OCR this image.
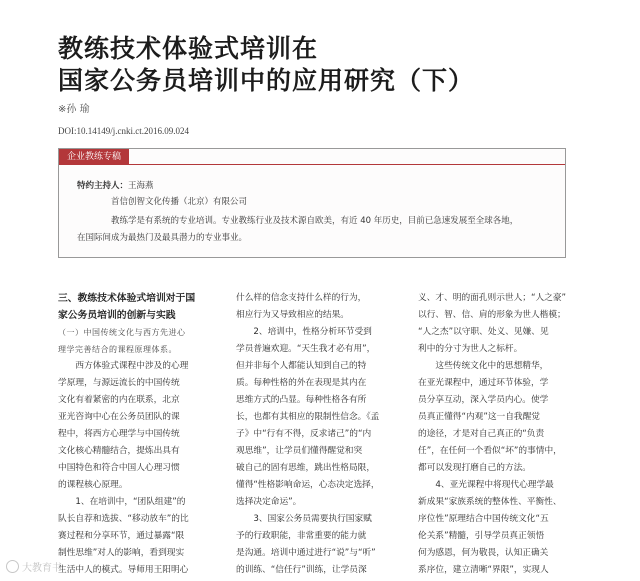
教练技术体验式培训在
国家公务员培训中的应用研究（下）
※孙 瑜
DOI:10.14149/j.cnki.ct.2016.09.024
企业教练专稿

特约主持人：王海燕

首信创智文化传播（北京）有限公司

教练学是有系统的专业培训。专业教练行业及技术源自欧美，有近 40 年历史，目前已急速发展至全球各地，

在国际间成为最热门及最具潜力的专业事业。

三、教练技术体验式培训对于国

家公务员培训的创新与实践

（一）中国传统文化与西方先进心

理学完善结合的课程原理体系。

　　西方体验式课程中涉及的心理

学原理，与源远流长的中国传统

文化有着紧密的内在联系，北京

亚光咨询中心在公务员团队的课

程中，将西方心理学与中国传统

文化核心精髓结合，提炼出具有

中国特色和符合中国人心理习惯

的课程核心原理。

　　1、在培训中，“团队组建”的

队长自荐和选拔、“移动放车”的比

赛过程和分享环节，通过暴露“限

制性思维”对人的影响，看到现实

生活中人的模式。导师用王阳明心

什么样的信念支持什么样的行为，

相应行为又导致相应的结果。

　　2、培训中，性格分析环节受到

学员普遍欢迎。“天生我才必有用”，

但并非每个人都能认知到自己的特

质。每种性格的外在表现是其内在

思维方式的凸显。每种性格各有所

长，也都有其相应的限制性信念。《孟

子》中“行有不得，反求诸己”的“内

观思维”，让学员们懂得醒觉和突

破自己的固有思维，跳出性格局限，

懂得“性格影响命运，心态决定选择，

选择决定命运”。

　　3、国家公务员需要执行国家赋

予的行政职能，非常重要的能力就

是沟通。培训中通过进行“说”与“听”

的训练、“信任行”训练，让学员深

义、才、明的面孔则示世人；“人之豪”

以行、智、信、肩的形象为世人楷模；

“人之杰”以守职、处义、见嫌、见

利中的分寸为世人之标杆。

　　这些传统文化中的思想精华，

在亚光课程中，通过环节体验，学

员分享互动，深入学员内心。使学

员真正懂得“内观”这一自我醒觉

的途径，才是对自己真正的“负责

任”，在任何一个看似“坏”的事情中，

都可以发现打磨自己的方法。

　　4、亚光课程中将现代心理学最

新成果“家族系统的整体性、平衡性、

序位性”原理结合中国传统文化“五

伦关系”精髓，引导学员真正领悟

何为感恩，何为敬畏，认知正确关

系序位，建立清晰“界限”，实现人

大教育书
